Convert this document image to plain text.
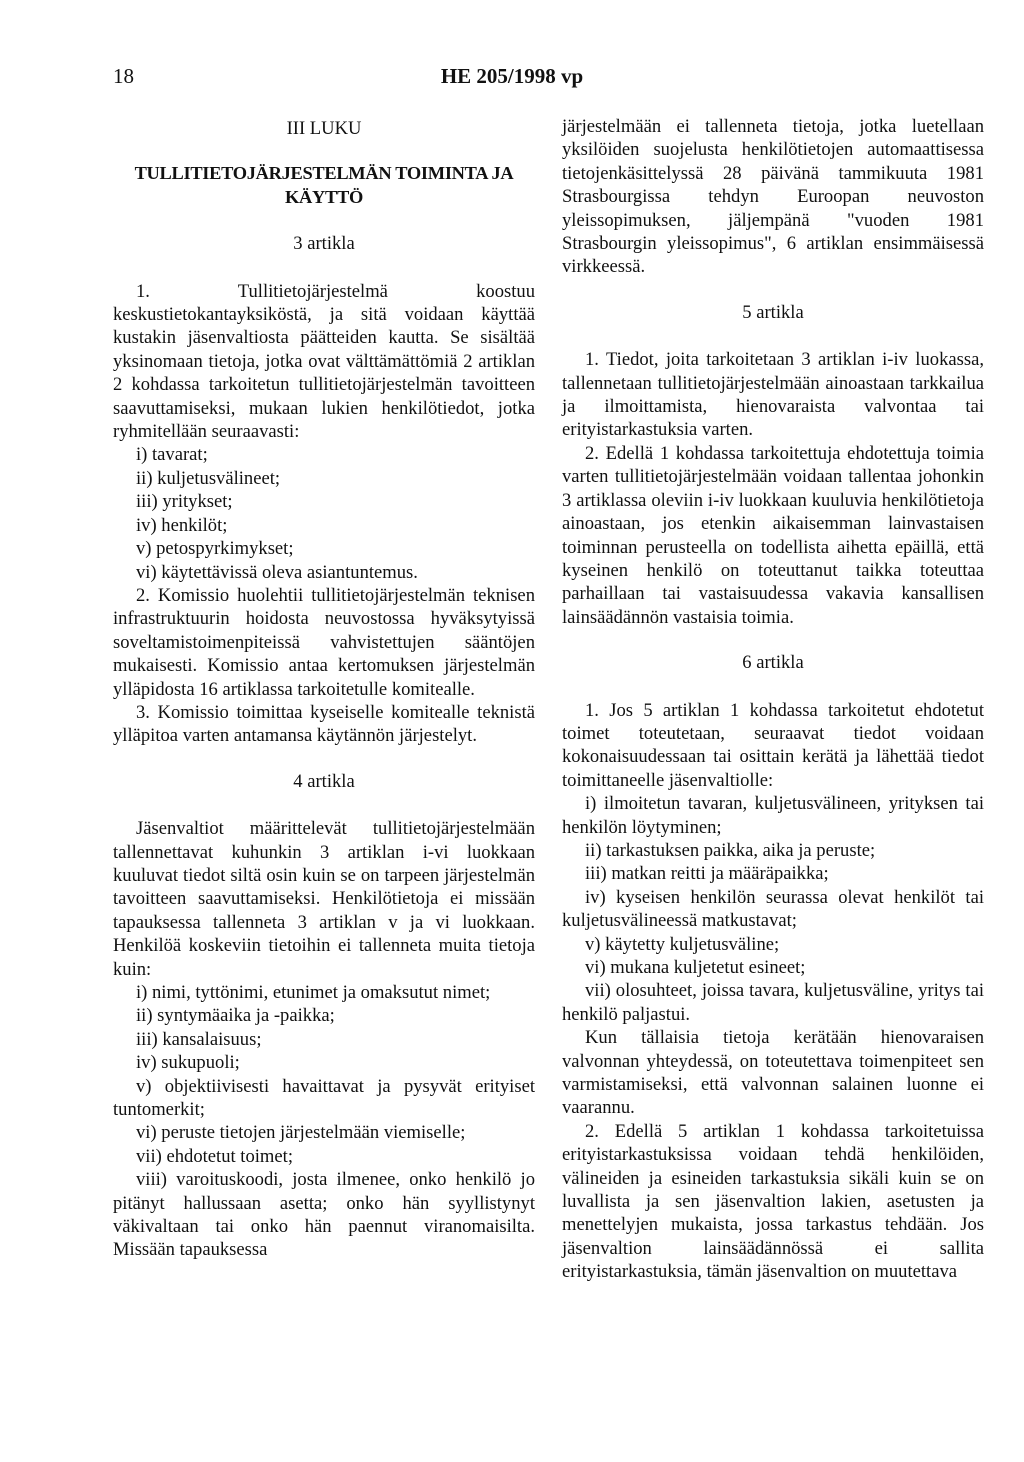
18	HE 205/1998 vp

III LUKU

TULLITIETOJÄRJESTELMÄN TOIMINTA JA KÄYTTÖ

3 artikla

1. Tullitietojärjestelmä koostuu keskustietokantayksiköstä, ja sitä voidaan käyttää kustakin jäsenvaltiosta päätteiden kautta. Se sisältää yksinomaan tietoja, jotka ovat välttämättömiä 2 artiklan 2 kohdassa tarkoitetun tullitietojärjestelmän tavoitteen saavuttamiseksi, mukaan lukien henkilötiedot, jotka ryhmitellään seuraavasti:

i) tavarat;

ii) kuljetusvälineet;

iii) yritykset;

iv) henkilöt;

v) petospyrkimykset;

vi) käytettävissä oleva asiantuntemus.

2. Komissio huolehtii tullitietojärjestelmän teknisen infrastruktuurin hoidosta neuvostossa hyväksytyissä soveltamistoimenpiteissä vahvistettujen sääntöjen mukaisesti. Komissio antaa kertomuksen järjestelmän ylläpidosta 16 artiklassa tarkoitetulle komitealle.

3. Komissio toimittaa kyseiselle komitealle teknistä ylläpitoa varten antamansa käytännön järjestelyt.

4 artikla

Jäsenvaltiot määrittelevät tullitietojärjestelmään tallennettavat kuhunkin 3 artiklan i-vi luokkaan kuuluvat tiedot siltä osin kuin se on tarpeen järjestelmän tavoitteen saavuttamiseksi. Henkilötietoja ei missään tapauksessa tallenneta 3 artiklan v ja vi luokkaan. Henkilöä koskeviin tietoihin ei tallenneta muita tietoja kuin:

i) nimi, tyttönimi, etunimet ja omaksutut nimet;

ii) syntymäaika ja -paikka;

iii) kansalaisuus;

iv) sukupuoli;

v) objektiivisesti havaittavat ja pysyvät erityiset tuntomerkit;

vi) peruste tietojen järjestelmään viemiselle;

vii) ehdotetut toimet;

viii) varoituskoodi, josta ilmenee, onko henkilö jo pitänyt hallussaan asetta; onko hän syyllistynyt väkivaltaan tai onko hän paennut viranomaisilta. Missään tapauksessa

järjestelmään ei tallenneta tietoja, jotka luetellaan yksilöiden suojelusta henkilötietojen automaattisessa tietojenkäsittelyssä 28 päivänä tammikuuta 1981 Strasbourgissa tehdyn Euroopan neuvoston yleissopimuksen, jäljempänä "vuoden 1981 Strasbourgin yleissopimus", 6 artiklan ensimmäisessä virkkeessä.

5 artikla

1. Tiedot, joita tarkoitetaan 3 artiklan i-iv luokassa, tallennetaan tullitietojärjestelmään ainoastaan tarkkailua ja ilmoittamista, hienovaraista valvontaa tai erityistarkastuksia varten.

2. Edellä 1 kohdassa tarkoitettuja ehdotettuja toimia varten tullitietojärjestelmään voidaan tallentaa johonkin 3 artiklassa oleviin i-iv luokkaan kuuluvia henkilötietoja ainoastaan, jos etenkin aikaisemman lainvastaisen toiminnan perusteella on todellista aihetta epäillä, että kyseinen henkilö on toteuttanut taikka toteuttaa parhaillaan tai vastaisuudessa vakavia kansallisen lainsäädännön vastaisia toimia.

6 artikla

1. Jos 5 artiklan 1 kohdassa tarkoitetut ehdotetut toimet toteutetaan, seuraavat tiedot voidaan kokonaisuudessaan tai osittain kerätä ja lähettää tiedot toimittaneelle jäsenvaltiolle:

i) ilmoitetun tavaran, kuljetusvälineen, yrityksen tai henkilön löytyminen;

ii) tarkastuksen paikka, aika ja peruste;

iii) matkan reitti ja määräpaikka;

iv) kyseisen henkilön seurassa olevat henkilöt tai kuljetusvälineessä matkustavat;

v) käytetty kuljetusväline;

vi) mukana kuljetetut esineet;

vii) olosuhteet, joissa tavara, kuljetusväline, yritys tai henkilö paljastui.

Kun tällaisia tietoja kerätään hienovaraisen valvonnan yhteydessä, on toteutettava toimenpiteet sen varmistamiseksi, että valvonnan salainen luonne ei vaarannu.

2. Edellä 5 artiklan 1 kohdassa tarkoitetuissa erityistarkastuksissa voidaan tehdä henkilöiden, välineiden ja esineiden tarkastuksia sikäli kuin se on luvallista ja sen jäsenvaltion lakien, asetusten ja menettelyjen mukaista, jossa tarkastus tehdään. Jos jäsenvaltion lainsäädännössä ei sallita erityistarkastuksia, tämän jäsenvaltion on muutettava
